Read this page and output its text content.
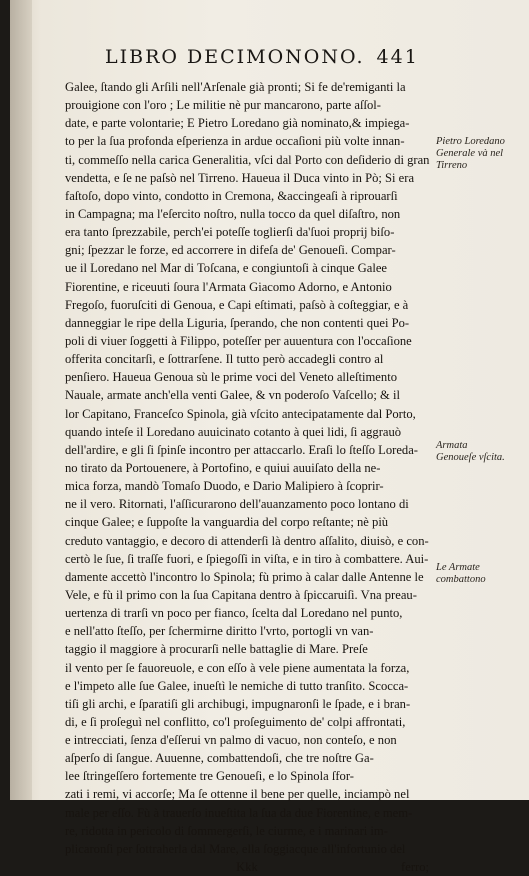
LIBRO DECIMONONO. 441
Galee, ſtando gli Arſili nell'Arſenale già pronti; Si fe de'remiganti la
prouigione con l'oro ; Le militie nè pur mancarono, parte aſſol-
date, e parte volontarie; E Pietro Loredano già nominato,& impiega-
to per la ſua profonda eſperienza in ardue occaſioni più volte innan-
ti, commeſſo nella carica Generalitia, vſci dal Porto con deſiderio di gran
vendetta, e ſe ne paſsò nel Tirreno. Haueua il Duca vinto in Pò; Si era
faſtoſo, dopo vinto, condotto in Cremona, &accingeaſi à riprouarſi
in Campagna; ma l'eſercito noſtro, nulla tocco da quel diſaſtro, non
era tanto ſprezzabile, perch'ei poteſſe toglierſi da'ſuoi proprij biſo-
gni; ſpezzar le forze, ed accorrere in difeſa de' Genoueſi. Compar-
ue il Loredano nel Mar di Toſcana, e congiuntoſi à cinque Galee
Fiorentine, e riceuuti ſoura l'Armata Giacomo Adorno, e Antonio
Fregoſo, fuoruſciti di Genoua, e Capi eſtimati, paſsò à coſteggiar, e à
danneggiar le ripe della Liguria, ſperando, che non contenti quei Po-
poli di viuer ſoggetti à Filippo, poteſſer per auuentura con l'occaſione
offerita concitarſi, e ſottrarſene. Il tutto però accadegli contro al
penſiero. Haueua Genoua sù le prime voci del Veneto alleſtimento
Nauale, armate anch'ella venti Galee, & vn poderoſo Vaſcello; & il
lor Capitano, Franceſco Spinola, già vſcito antecipatamente dal Porto,
quando inteſe il Loredano auuicinato cotanto à quei lidi, ſi aggrauò
dell'ardire, e gli ſi ſpinſe incontro per attaccarlo. Eraſi lo ſteſſo Loreda-
no tirato da Portouenere, à Portofino, e quiui auuiſato della ne-
mica forza, mandò Tomaſo Duodo, e Dario Malipiero à ſcoprir-
ne il vero. Ritornati, l'aſſicurarono dell'auanzamento poco lontano di
cinque Galee; e ſuppoſte la vanguardia del corpo reſtante; nè più
creduto vantaggio, e decoro di attenderſi là dentro aſſalito, diuisò, e con-
certò le ſue, ſi traſſe fuori, e ſpiegoſſi in viſta, e in tiro à combattere. Aui-
damente accettò l'incontro lo Spinola; fù primo à calar dalle Antenne le
Vele, e fù il primo con la ſua Capitana dentro à ſpiccaruiſi. Vna preau-
uertenza di trarſi vn poco per fianco, ſcelta dal Loredano nel punto,
e nell'atto ſteſſo, per ſchermirne diritto l'vrto, portogli vn van-
taggio il maggiore à procurarſi nelle battaglie di Mare. Preſe
il vento per ſe fauoreuole, e con eſſo à vele piene aumentata la forza,
e l'impeto alle ſue Galee, inueſtì le nemiche di tutto tranſito. Scocca-
tiſi gli archi, e ſparatiſi gli archibugi, impugnaronſi le ſpade, e i bran-
di, e ſi proſeguì nel conflitto, co'l proſeguimento de' colpi affrontati,
e intrecciati, ſenza d'eſſerui vn palmo di vacuo, non conteſo, e non
aſperſo di ſangue. Auuenne, combattendoſi, che tre noſtre Ga-
lee ſtringeſſero fortemente tre Genoueſi, e lo Spinola ſfor-
zati i remi, vi accorſe; Ma ſe ottenne il bene per quelle, inciampò nel
male per eſſo. Fù à trauerſo inueſtita la ſua da due Fiorentine, e mem-
re, ridotta in pericolo di ſommergerſi, le ciurme, e i marinari im-
plicaronſi per ſottraherla dal Mare, ella ſoggiacque all'infortunio del
Kkk	ferro;
Pietro Loredano Generale và nel Tirreno
Armata Genoueſe vſcita.
Le Armate combattono
